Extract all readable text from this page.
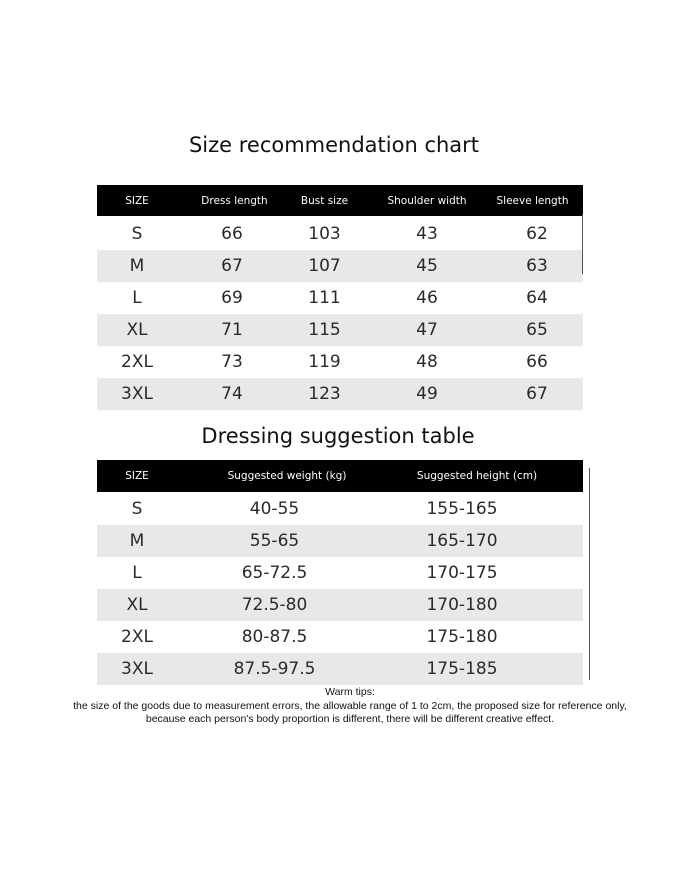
Size recommendation chart
SIZE	Dress length	Bust size	Shoulder width	Sleeve length
S	66	103	43	62
M	67	107	45	63
L	69	111	46	64
XL	71	115	47	65
2XL	73	119	48	66
3XL	74	123	49	67
Dressing suggestion table
SIZE	Suggested weight (kg)	Suggested height (cm)
S	40-55	155-165
M	55-65	165-170
L	65-72.5	170-175
XL	72.5-80	170-180
2XL	80-87.5	175-180
3XL	87.5-97.5	175-185
Warm tips:
the size of the goods due to measurement errors, the allowable range of 1 to 2cm, the proposed size for reference only,
because each person's body proportion is different, there will be different creative effect.
